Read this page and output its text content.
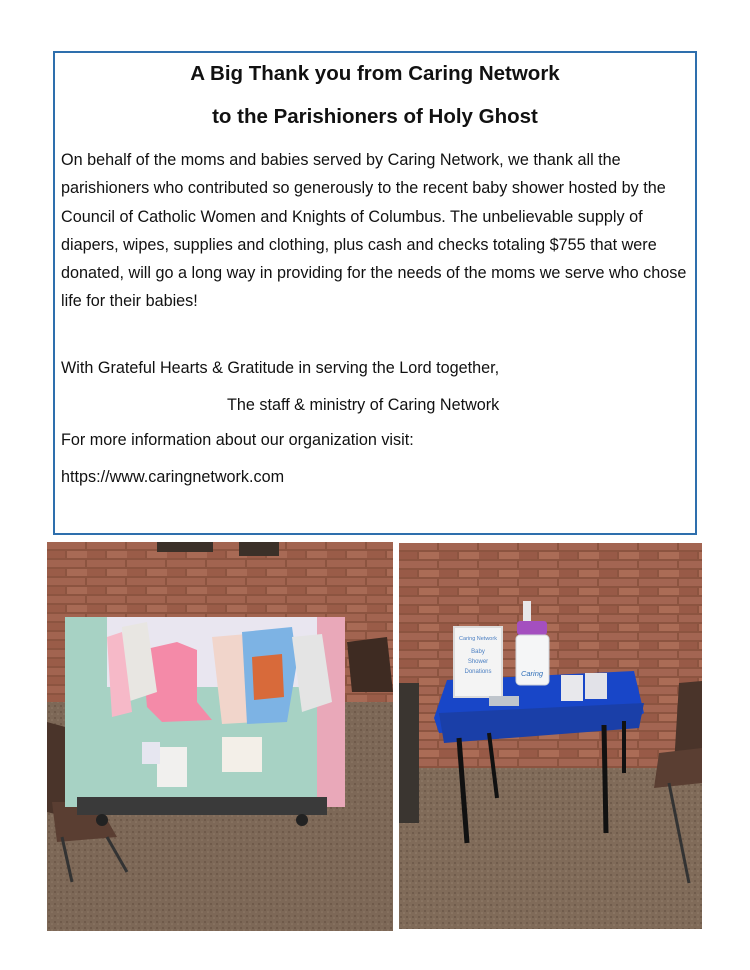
A Big Thank you from Caring Network
to the Parishioners of Holy Ghost

On behalf of the moms and babies served by Caring Network, we thank all the parishioners who contributed so generously to the recent baby shower hosted by the Council of Catholic Women and Knights of Columbus. The unbelievable supply of diapers, wipes, supplies and clothing, plus cash and checks totaling $755 that were donated, will go a long way in providing for the needs of the moms we serve who chose life for their babies!

With Grateful Hearts & Gratitude in serving the Lord together,
The staff & ministry of Caring Network
For more information about our organization visit:
https://www.caringnetwork.com
Caring Network
Baby
Shower
Donations	Caring
